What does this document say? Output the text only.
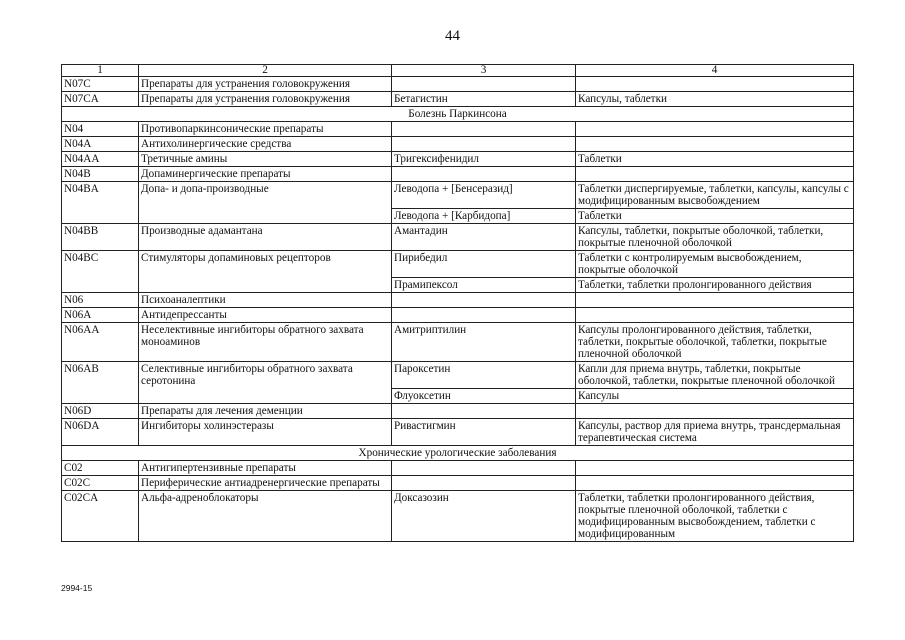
44
1	2	3	4
N07C	Препараты для устранения головокружения		
N07CA	Препараты для устранения головокружения	Бетагистин	Капсулы, таблетки
Болезнь Паркинсона			
N04	Противопаркинсонические препараты		
N04A	Антихолинергические средства		
N04AA	Третичные амины	Тригексифенидил	Таблетки
N04B	Допаминергические препараты		
N04BA	Допа- и допа-производные	Леводопа + [Бенсеразид]	Таблетки диспергируемые, таблетки, капсулы, капсулы с модифицированным высвобождением
		Леводопа + [Карбидопа]	Таблетки
N04BB	Производные адамантана	Амантадин	Капсулы, таблетки, покрытые оболочкой, таблетки, покрытые пленочной оболочкой
N04BC	Стимуляторы допаминовых рецепторов	Пирибедил	Таблетки с контролируемым высвобождением, покрытые оболочкой
		Прамипексол	Таблетки, таблетки пролонгированного действия
N06	Психоаналептики		
N06A	Антидепрессанты		
N06AA	Неселективные ингибиторы обратного захвата моноаминов	Амитриптилин	Капсулы пролонгированного действия, таблетки, таблетки, покрытые оболочкой, таблетки, покрытые пленочной оболочкой
N06AB	Селективные ингибиторы обратного захвата серотонина	Пароксетин	Капли для приема внутрь, таблетки, покрытые оболочкой, таблетки, покрытые пленочной оболочкой
		Флуоксетин	Капсулы
N06D	Препараты для лечения деменции		
N06DA	Ингибиторы холинэстеразы	Ривастигмин	Капсулы, раствор для приема внутрь, трансдермальная терапевтическая система
Хронические урологические заболевания			
C02	Антигипертензивные препараты		
C02C	Периферические антиадренергические препараты		
C02CA	Альфа-адреноблокаторы	Доксазозин	Таблетки, таблетки пролонгированного действия, покрытые пленочной оболочкой, таблетки с модифицированным высвобождением, таблетки с модифицированным
2994-15
